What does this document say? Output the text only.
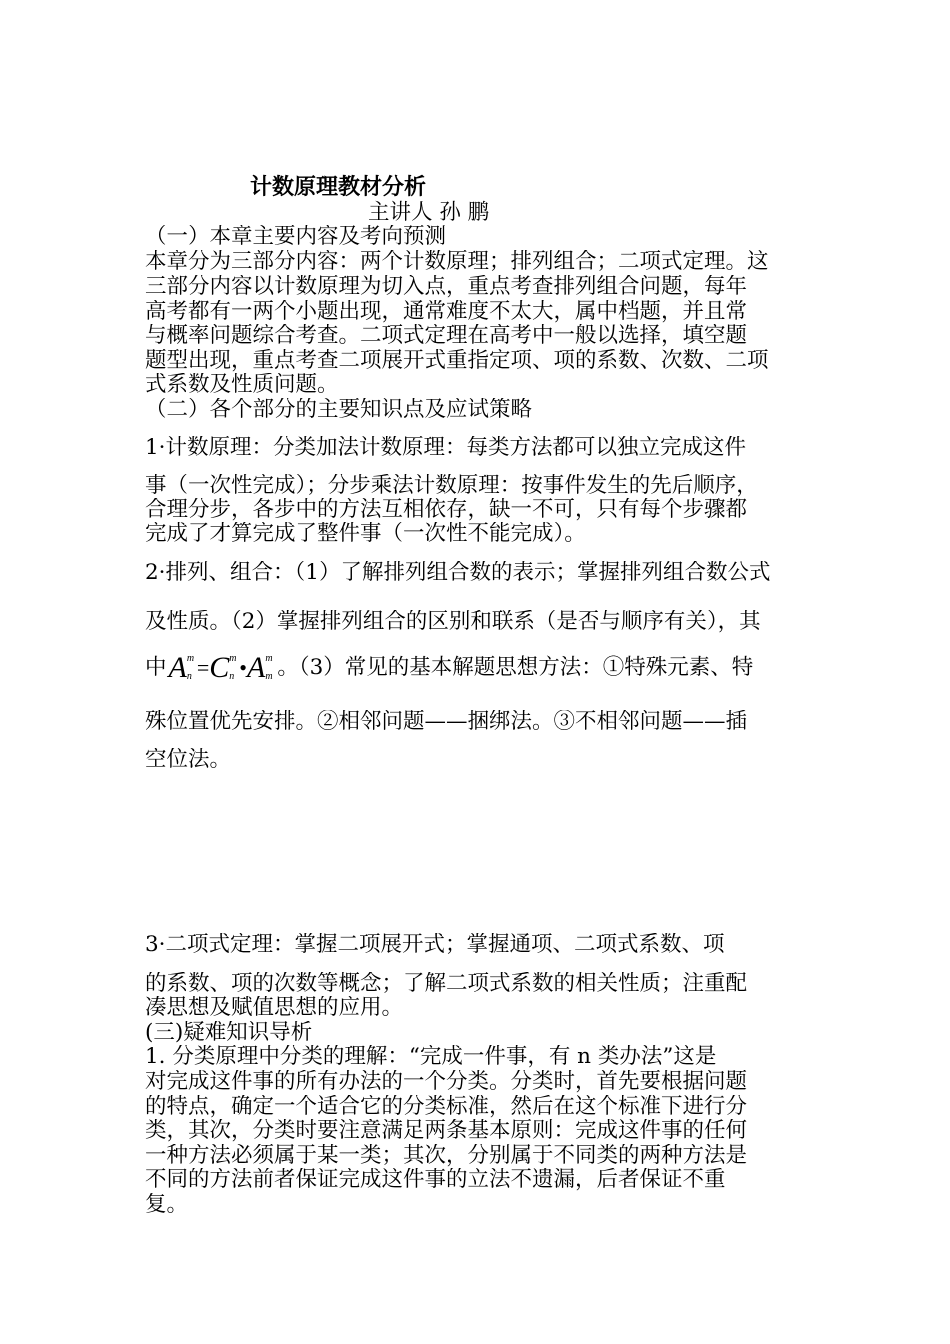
计数原理教材分析
主讲人 孙 鹏
（一）本章主要内容及考向预测
本章分为三部分内容：两个计数原理；排列组合；二项式定理。这
三部分内容以计数原理为切入点，重点考查排列组合问题，每年
高考都有一两个小题出现，通常难度不太大，属中档题，并且常
与概率问题综合考查。二项式定理在高考中一般以选择，填空题
题型出现，重点考查二项展开式重指定项、项的系数、次数、二项
式系数及性质问题。
（二）各个部分的主要知识点及应试策略
1·计数原理：分类加法计数原理：每类方法都可以独立完成这件
事（一次性完成）；分步乘法计数原理：按事件发生的先后顺序，
合理分步，各步中的方法互相依存，缺一不可，只有每个步骤都
完成了才算完成了整件事（一次性不能完成）。
2·排列、组合：（1）了解排列组合数的表示；掌握排列组合数公式
及性质。（2）掌握排列组合的区别和联系（是否与顺序有关），其
中A m
n =C m
n •A m
m 。（3）常见的基本解题思想方法：①特殊元素、特
殊位置优先安排。②相邻问题——捆绑法。③不相邻问题——插
空位法。
3·二项式定理：掌握二项展开式；掌握通项、二项式系数、项
的系数、项的次数等概念；了解二项式系数的相关性质；注重配
凑思想及赋值思想的应用。
(三)疑难知识导析
1. 分类原理中分类的理解：“完成一件事，有 n 类办法”这是
对完成这件事的所有办法的一个分类。分类时，首先要根据问题
的特点，确定一个适合它的分类标准，然后在这个标准下进行分
类，其次，分类时要注意满足两条基本原则：完成这件事的任何
一种方法必须属于某一类；其次，分别属于不同类的两种方法是
不同的方法前者保证完成这件事的立法不遗漏，后者保证不重
复。
